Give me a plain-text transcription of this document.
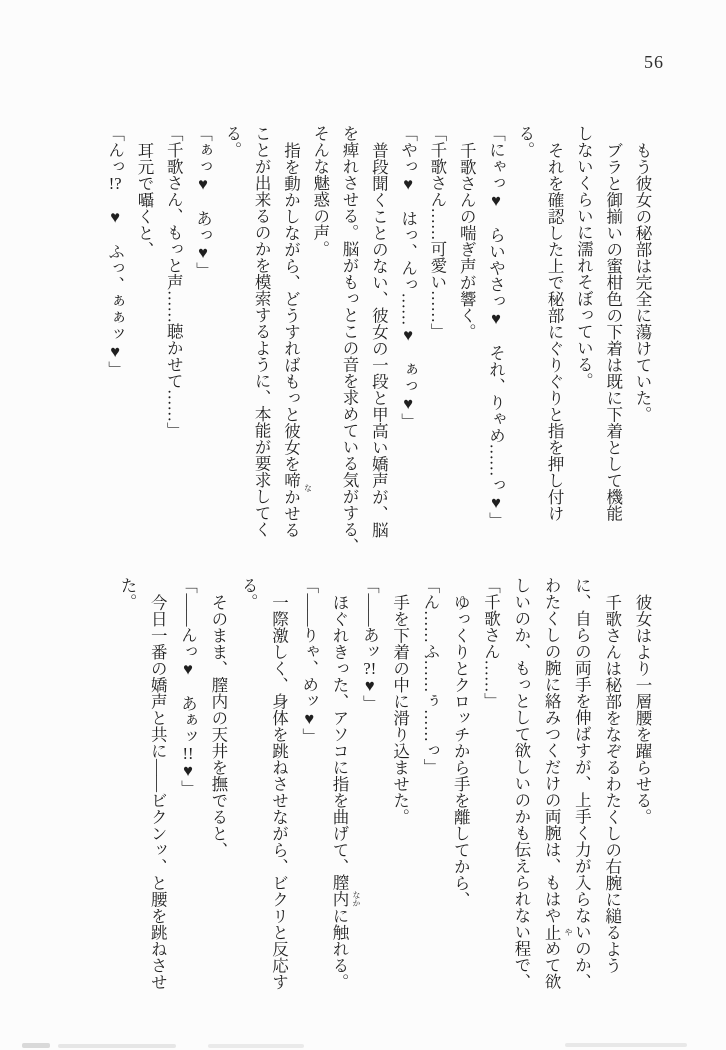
56

もう彼女の秘部は完全に蕩けていた。

ブラと御揃いの蜜柑色の下着は既に下着として機能

しないくらいに濡れそぼっている。

それを確認した上で秘部にぐりぐりと指を押し付け

る。

「にゃっ♥　らいやさっ♥　それ、りゃめ……っ♥」

千歌さんの喘ぎ声が響く。

「千歌さん……可愛い……」

「やっ♥　はっ、んっ……♥　ぁっ♥」

普段聞くことのない、彼女の一段と甲高い嬌声が、脳

を痺れさせる。脳がもっとこの音を求めている気がする、

そんな魅惑の声。

指を動かしながら、どうすればもっと彼女を啼 な
かせる

ことが出来るのかを模索するように、本能が要求してく

る。

「ぁっ♥　あっ♥」

「千歌さん、もっと声……聴かせて……」

耳元で囁くと、

「んっ!?　♥　ふっ、ぁぁッ♥」

彼女はより一層腰を躍らせる。

千歌さんは秘部をなぞるわたくしの右腕に縋るよう

に、自らの両手を伸ばすが、上手く力が入らないのか、

わたくしの腕に絡みつくだけの両腕は、もはや止 や
めて欲

しいのか、もっとして欲しいのかも伝えられない程で、

「千歌さん……」

ゆっくりとクロッチから手を離してから、

「ん……ふ……ぅ……っ」

手を下着の中に滑り込ませた。

「――あッ?!♥」

ほぐれきった、アソコに指を曲げて、膣内 なか
に触れる。

「――りゃ、めッ♥」

一際激しく、身体を跳ねさせながら、ビクリと反応す

る。

そのまま、膣内の天井を撫でると、

「――んっ♥　あぁッ!!♥」

今日一番の嬌声と共に――ビクンッ、と腰を跳ねさせ

た。
